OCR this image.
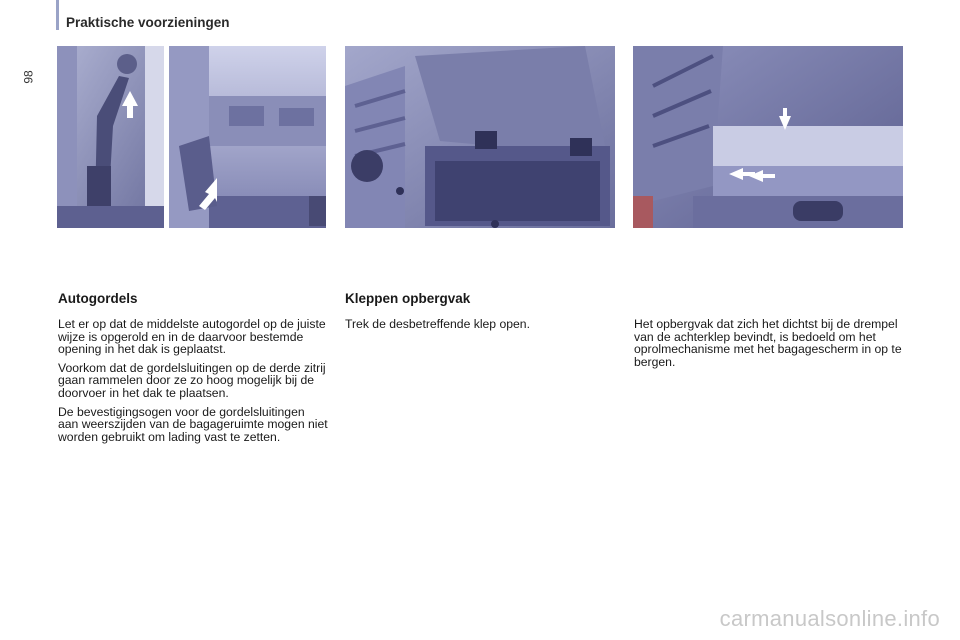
Praktische voorzieningen
98
Autogordels	Kleppen opbergvak

Let er op dat de middelste autogordel op de juiste wijze is opgerold en in de daarvoor bestemde opening in het dak is geplaatst.

Voorkom dat de gordelsluitingen op de derde zitrij gaan rammelen door ze zo hoog mogelijk bij de doorvoer in het dak te plaatsen.

De bevestigingsogen voor de gordelsluitingen aan weerszijden van de bagageruimte mogen niet worden gebruikt om lading vast te zetten.

Trek de desbetreffende klep open.	Het opbergvak dat zich het dichtst bij de drempel van de achterklep bevindt, is bedoeld om het oprolmechanisme met het bagagescherm in op te bergen.

carmanualsonline.info
